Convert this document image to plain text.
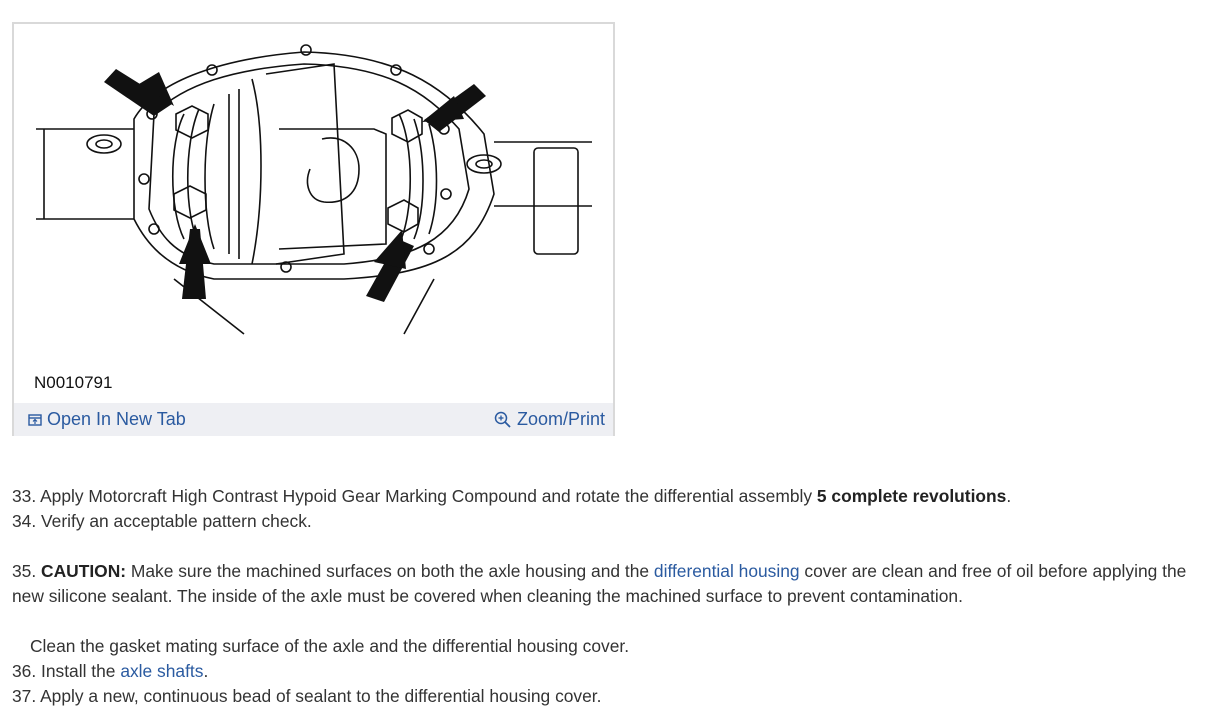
N0010791
Open In New Tab	Zoom/Print
33. Apply Motorcraft High Contrast Hypoid Gear Marking Compound and rotate the differential assembly 5 complete revolutions.
34. Verify an acceptable pattern check.
35. CAUTION: Make sure the machined surfaces on both the axle housing and the differential housing cover are clean and free of oil before applying the new silicone sealant. The inside of the axle must be covered when cleaning the machined surface to prevent contamination.
Clean the gasket mating surface of the axle and the differential housing cover.
36. Install the axle shafts.
37. Apply a new, continuous bead of sealant to the differential housing cover.
